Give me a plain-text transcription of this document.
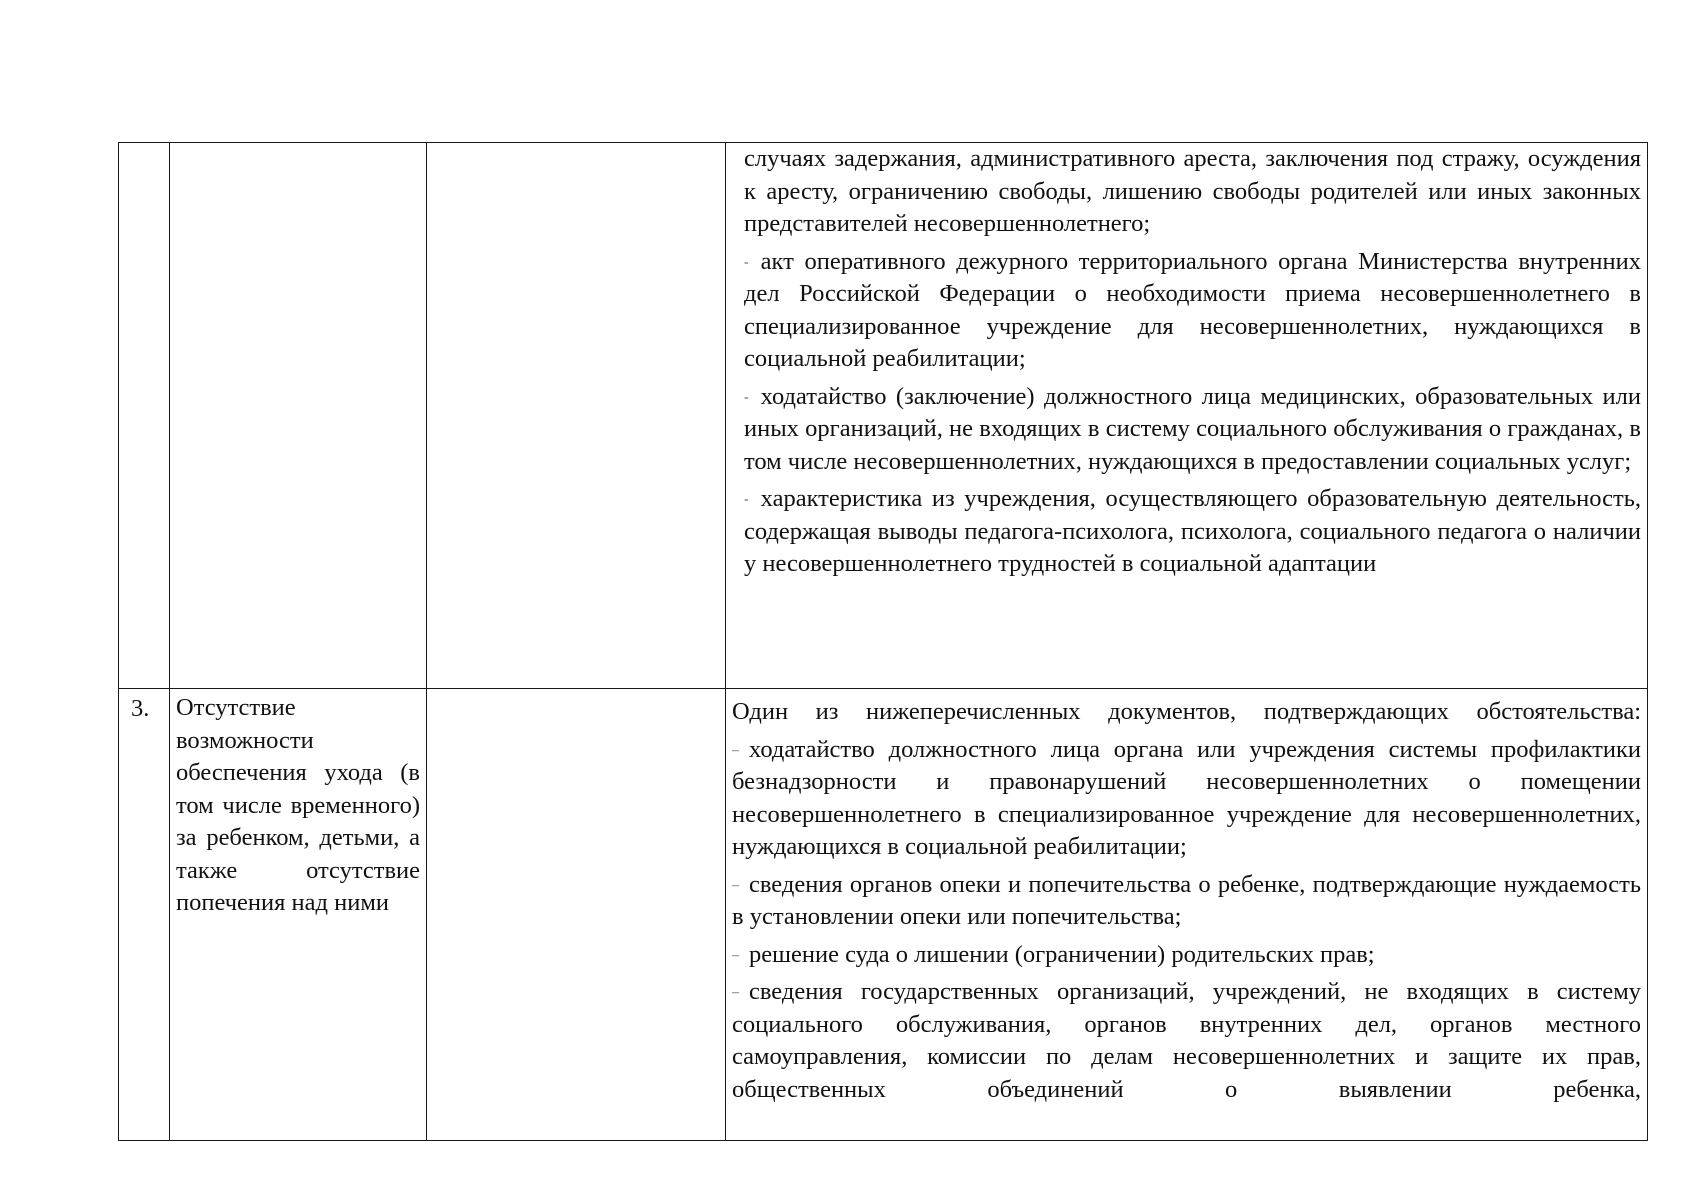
			случаях задержания, административного ареста, заключения под стражу, осуждения к аресту, ограничению свободы, лишению свободы родителей или иных законных представителей несовершеннолетнего;

- акт оперативного дежурного территориального органа Министерства внутренних дел Российской Федерации о необходимости приема несовершеннолетнего в специализированное учреждение для несовершеннолетних, нуждающихся в социальной реабилитации;

- ходатайство (заключение) должностного лица медицинских, образовательных или иных организаций, не входящих в систему социального обслуживания о гражданах, в том числе несовершеннолетних, нуждающихся в предоставлении социальных услуг;

- характеристика из учреждения, осуществляющего образовательную деятельность, содержащая выводы педагога-психолога, психолога, социального педагога о наличии у несовершеннолетнего трудностей в социальной адаптации

3.	Отсутствие возможности обеспечения ухода (в том числе временного) за ребенком, детьми, а также отсутствие попечения над ними		Один из нижеперечисленных документов, подтверждающих обстоятельства:

– ходатайство должностного лица органа или учреждения системы профилактики безнадзорности и правонарушений несовершеннолетних о помещении несовершеннолетнего в специализированное учреждение для несовершеннолетних, нуждающихся в социальной реабилитации;

– сведения органов опеки и попечительства о ребенке, подтверждающие нуждаемость в установлении опеки или попечительства;

– решение суда о лишении (ограничении) родительских прав;

– сведения государственных организаций, учреждений, не входящих в систему социального обслуживания, органов внутренних дел, органов местного самоуправления, комиссии по делам несовершеннолетних и защите их прав, общественных объединений о выявлении ребенка,
